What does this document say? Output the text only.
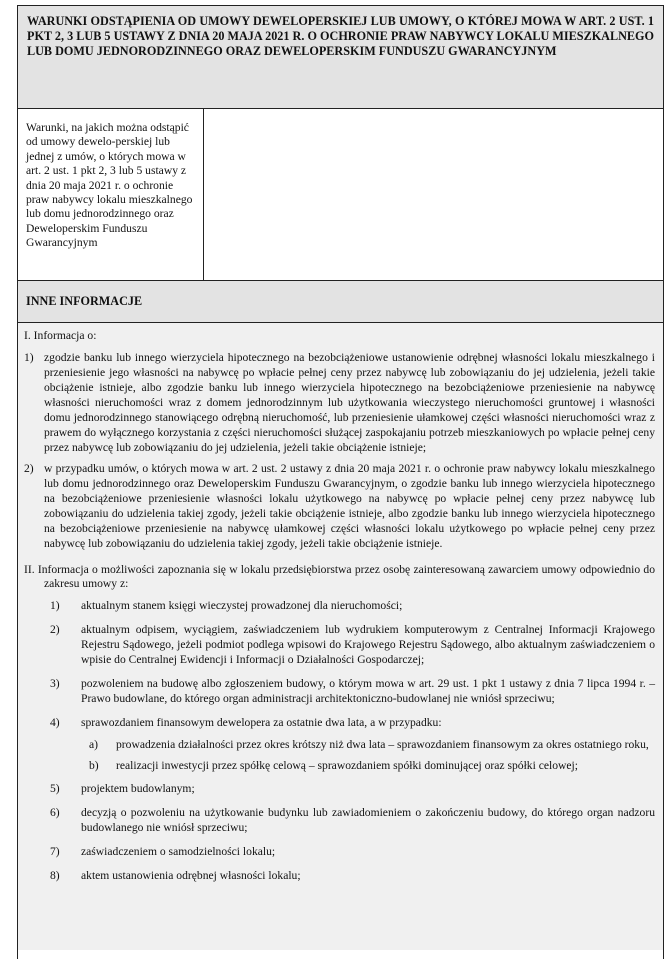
WARUNKI ODSTĄPIENIA OD UMOWY DEWELOPERSKIEJ LUB UMOWY, O KTÓREJ MOWA W ART. 2 UST. 1 PKT 2, 3 LUB 5 USTAWY Z DNIA 20 MAJA 2021 R. O OCHRONIE PRAW NABYWCY LOKALU MIESZKALNEGO LUB DOMU JEDNORODZINNEGO ORAZ DEWELOPERSKIM FUNDUSZU GWARANCYJNYM

Warunki, na jakich można odstąpić od umowy dewelo-perskiej lub jednej z umów, o których mowa w art. 2 ust. 1 pkt 2, 3 lub 5 ustawy z dnia 20 maja 2021 r. o ochronie praw nabywcy lokalu mieszkalnego lub domu jednorodzinnego oraz Deweloperskim Funduszu Gwarancyjnym
INNE INFORMACJE

I. Informacja o:

1) zgodzie banku lub innego wierzyciela hipotecznego na bezobciążeniowe ustanowienie odrębnej własności lokalu mieszkalnego i przeniesienie jego własności na nabywcę po wpłacie pełnej ceny przez nabywcę lub zobowiązaniu do jej udzielenia, jeżeli takie obciążenie istnieje, albo zgodzie banku lub innego wierzyciela hipotecznego na bezobciążeniowe przeniesienie na nabywcę własności nieruchomości wraz z domem jednorodzinnym lub użytkowania wieczystego nieruchomości gruntowej i własności domu jednorodzinnego stanowiącego odrębną nieruchomość, lub przeniesienie ułamkowej części własności nieruchomości wraz z prawem do wyłącznego korzystania z części nieruchomości służącej zaspokajaniu potrzeb mieszkaniowych po wpłacie pełnej ceny przez nabywcę lub zobowiązaniu do jej udzielenia, jeżeli takie obciążenie istnieje;
2) w przypadku umów, o których mowa w art. 2 ust. 2 ustawy z dnia 20 maja 2021 r. o ochronie praw nabywcy lokalu mieszkalnego lub domu jednorodzinnego oraz Deweloperskim Funduszu Gwarancyjnym, o zgodzie banku lub innego wierzyciela hipotecznego na bezobciążeniowe przeniesienie własności lokalu użytkowego na nabywcę po wpłacie pełnej ceny przez nabywcę lub zobowiązaniu do udzielenia takiej zgody, jeżeli takie obciążenie istnieje, albo zgodzie banku lub innego wierzyciela hipotecznego na bezobciążeniowe przeniesienie na nabywcę ułamkowej części własności lokalu użytkowego po wpłacie pełnej ceny przez nabywcę lub zobowiązaniu do udzielenia takiej zgody, jeżeli takie obciążenie istnieje.

II. Informacja o możliwości zapoznania się w lokalu przedsiębiorstwa przez osobę zainteresowaną zawarciem umowy odpowiednio do zakresu umowy z:

1) aktualnym stanem księgi wieczystej prowadzonej dla nieruchomości;
2) aktualnym odpisem, wyciągiem, zaświadczeniem lub wydrukiem komputerowym z Centralnej Informacji Krajowego Rejestru Sądowego, jeżeli podmiot podlega wpisowi do Krajowego Rejestru Sądowego, albo aktualnym zaświadczeniem o wpisie do Centralnej Ewidencji i Informacji o Działalności Gospodarczej;
3) pozwoleniem na budowę albo zgłoszeniem budowy, o którym mowa w art. 29 ust. 1 pkt 1 ustawy z dnia 7 lipca 1994 r. – Prawo budowlane, do którego organ administracji architektoniczno-budowlanej nie wniósł sprzeciwu;
4) sprawozdaniem finansowym dewelopera za ostatnie dwa lata, a w przypadku:
a) prowadzenia działalności przez okres krótszy niż dwa lata – sprawozdaniem finansowym za okres ostatniego roku,
b) realizacji inwestycji przez spółkę celową – sprawozdaniem spółki dominującej oraz spółki celowej;
5) projektem budowlanym;
6) decyzją o pozwoleniu na użytkowanie budynku lub zawiadomieniem o zakończeniu budowy, do którego organ nadzoru budowlanego nie wniósł sprzeciwu;
7) zaświadczeniem o samodzielności lokalu;
8) aktem ustanowienia odrębnej własności lokalu;
